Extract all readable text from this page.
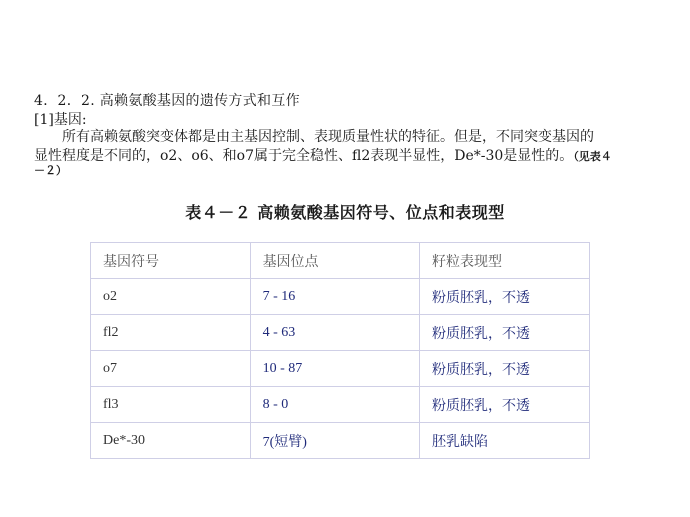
4．2．2. 高赖氨酸基因的遗传方式和互作
[1]基因:
所有高赖氨酸突变体都是由主基因控制、表现质量性状的特征。但是，不同突变基因的
显性程度是不同的，o2、o6、和o7属于完全稳性、fl2表现半显性，De*-30是显性的。（见表４
－２）
表４－２ 高赖氨酸基因符号、位点和表现型
基因符号	基因位点	籽粒表现型
o2	7 - 16	粉质胚乳，不透
fl2	4 - 63	粉质胚乳，不透
o7	10 - 87	粉质胚乳，不透
fl3	8 - 0	粉质胚乳，不透
De*-30	7(短臂)	胚乳缺陷
